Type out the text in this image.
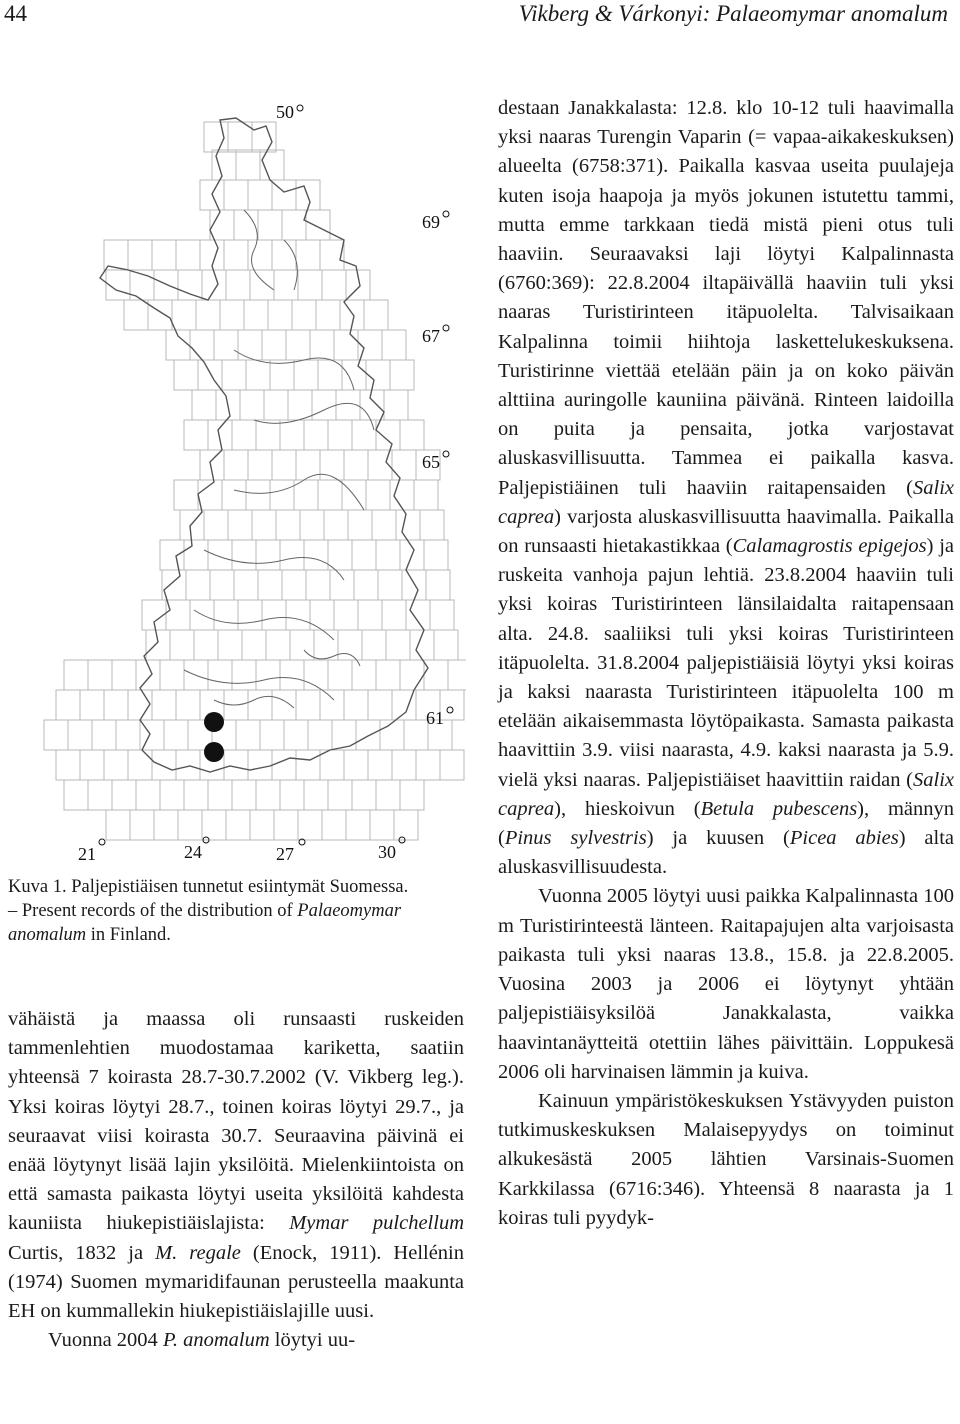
44	Vikberg & Várkonyi: Palaeomymar anomalum
50
69
67
65
61
21	24	27	30
Kuva 1. Paljepistiäisen tunnetut esiintymät Suomessa.
– Present records of the distribution of Palaeomymar
anomalum in Finland.

vähäistä ja maassa oli runsaasti ruskeiden tammenlehtien muodostamaa kariketta, saatiin yhteensä 7 koirasta 28.7-30.7.2002 (V. Vikberg leg.). Yksi koiras löytyi 28.7., toinen koiras löytyi 29.7., ja seuraavat viisi koirasta 30.7. Seuraavina päivinä ei enää löytynyt lisää lajin yksilöitä. Mielenkiintoista on että samasta paikasta löytyi useita yksilöitä kahdesta kauniista hiukepistiäislajista: Mymar pulchellum Curtis, 1832 ja M. regale (Enock, 1911). Hellénin (1974) Suomen mymaridifaunan perusteella maakunta EH on kummallekin hiukepistiäislajille uusi.

Vuonna 2004 P. anomalum löytyi uu-

destaan Janakkalasta: 12.8. klo 10-12 tuli haavimalla yksi naaras Turengin Vaparin (= vapaa-aikakeskuksen) alueelta (6758:371). Paikalla kasvaa useita puulajeja kuten isoja haapoja ja myös jokunen istutettu tammi, mutta emme tarkkaan tiedä mistä pieni otus tuli haaviin. Seuraavaksi laji löytyi Kalpalinnasta (6760:369): 22.8.2004 iltapäivällä haaviin tuli yksi naaras Turistirinteen itäpuolelta. Talvisaikaan Kalpalinna toimii hiihtoja laskettelukeskuksena. Turistirinne viettää etelään päin ja on koko päivän alttiina auringolle kauniina päivänä. Rinteen laidoilla on puita ja pensaita, jotka varjostavat aluskasvillisuutta. Tammea ei paikalla kasva. Paljepistiäinen tuli haaviin raitapensaiden (Salix caprea) varjosta aluskasvillisuutta haavimalla. Paikalla on runsaasti hietakastikkaa (Calamagrostis epigejos) ja ruskeita vanhoja pajun lehtiä. 23.8.2004 haaviin tuli yksi koiras Turistirinteen länsilaidalta raitapensaan alta. 24.8. saaliiksi tuli yksi koiras Turistirinteen itäpuolelta. 31.8.2004 paljepistiäisiä löytyi yksi koiras ja kaksi naarasta Turistirinteen itäpuolelta 100 m etelään aikaisemmasta löytöpaikasta. Samasta paikasta haavittiin 3.9. viisi naarasta, 4.9. kaksi naarasta ja 5.9. vielä yksi naaras. Paljepistiäiset haavittiin raidan (Salix caprea), hieskoivun (Betula pubescens), männyn (Pinus sylvestris) ja kuusen (Picea abies) alta aluskasvillisuudesta.

Vuonna 2005 löytyi uusi paikka Kalpalinnasta 100 m Turistirinteestä länteen. Raitapajujen alta varjoisasta paikasta tuli yksi naaras 13.8., 15.8. ja 22.8.2005. Vuosina 2003 ja 2006 ei löytynyt yhtään paljepistiäisyksilöä Janakkalasta, vaikka haavintanäytteitä otettiin lähes päivittäin. Loppukesä 2006 oli harvinaisen lämmin ja kuiva.

Kainuun ympäristökeskuksen Ystävyyden puiston tutkimuskeskuksen Malaisepyydys on toiminut alkukesästä 2005 lähtien Varsinais-Suomen Karkkilassa (6716:346). Yhteensä 8 naarasta ja 1 koiras tuli pyydyk-
